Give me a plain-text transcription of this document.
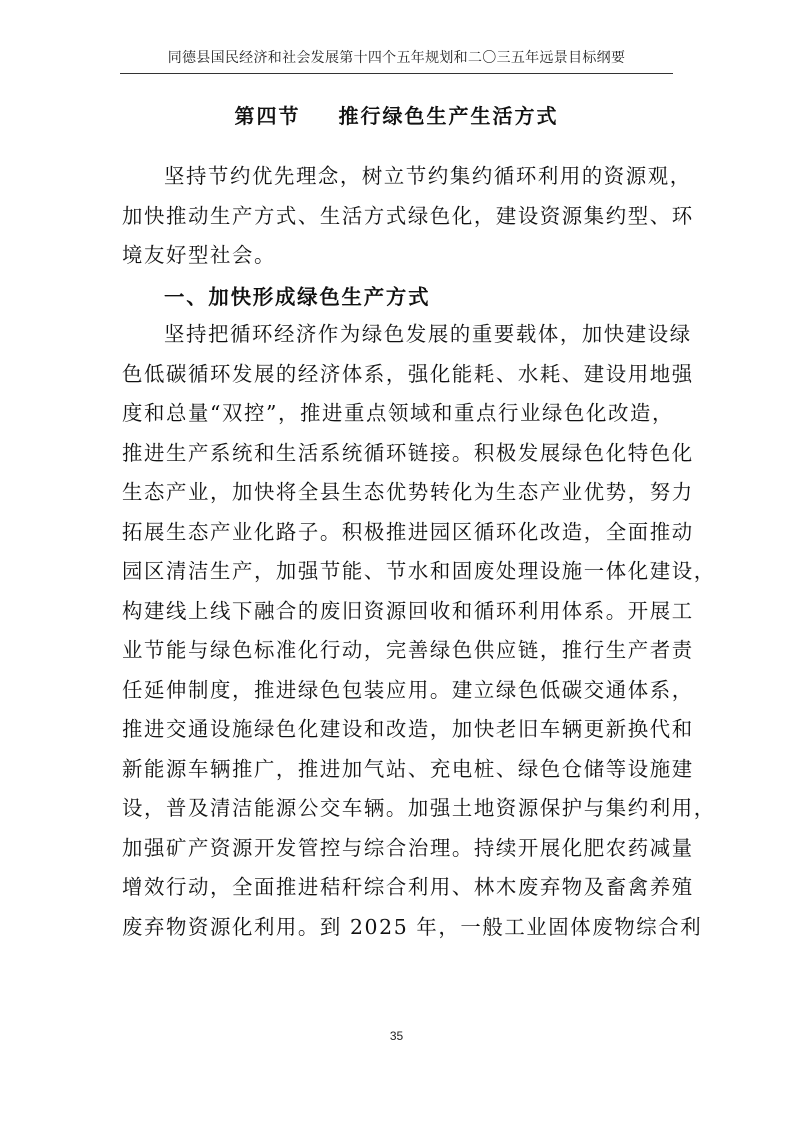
同德县国民经济和社会发展第十四个五年规划和二〇三五年远景目标纲要
第四节 推行绿色生产生活方式
坚持节约优先理念，树立节约集约循环利用的资源观，
加快推动生产方式、生活方式绿色化，建设资源集约型、环
境友好型社会。
一、加快形成绿色生产方式
坚持把循环经济作为绿色发展的重要载体，加快建设绿
色低碳循环发展的经济体系，强化能耗、水耗、建设用地强
度和总量“双控”，推进重点领域和重点行业绿色化改造，
推进生产系统和生活系统循环链接。积极发展绿色化特色化
生态产业，加快将全县生态优势转化为生态产业优势，努力
拓展生态产业化路子。积极推进园区循环化改造，全面推动
园区清洁生产，加强节能、节水和固废处理设施一体化建设，
构建线上线下融合的废旧资源回收和循环利用体系。开展工
业节能与绿色标准化行动，完善绿色供应链，推行生产者责
任延伸制度，推进绿色包装应用。建立绿色低碳交通体系，
推进交通设施绿色化建设和改造，加快老旧车辆更新换代和
新能源车辆推广，推进加气站、充电桩、绿色仓储等设施建
设，普及清洁能源公交车辆。加强土地资源保护与集约利用，
加强矿产资源开发管控与综合治理。持续开展化肥农药减量
增效行动，全面推进秸秆综合利用、林木废弃物及畜禽养殖
废弃物资源化利用。到 2025 年，一般工业固体废物综合利
35
